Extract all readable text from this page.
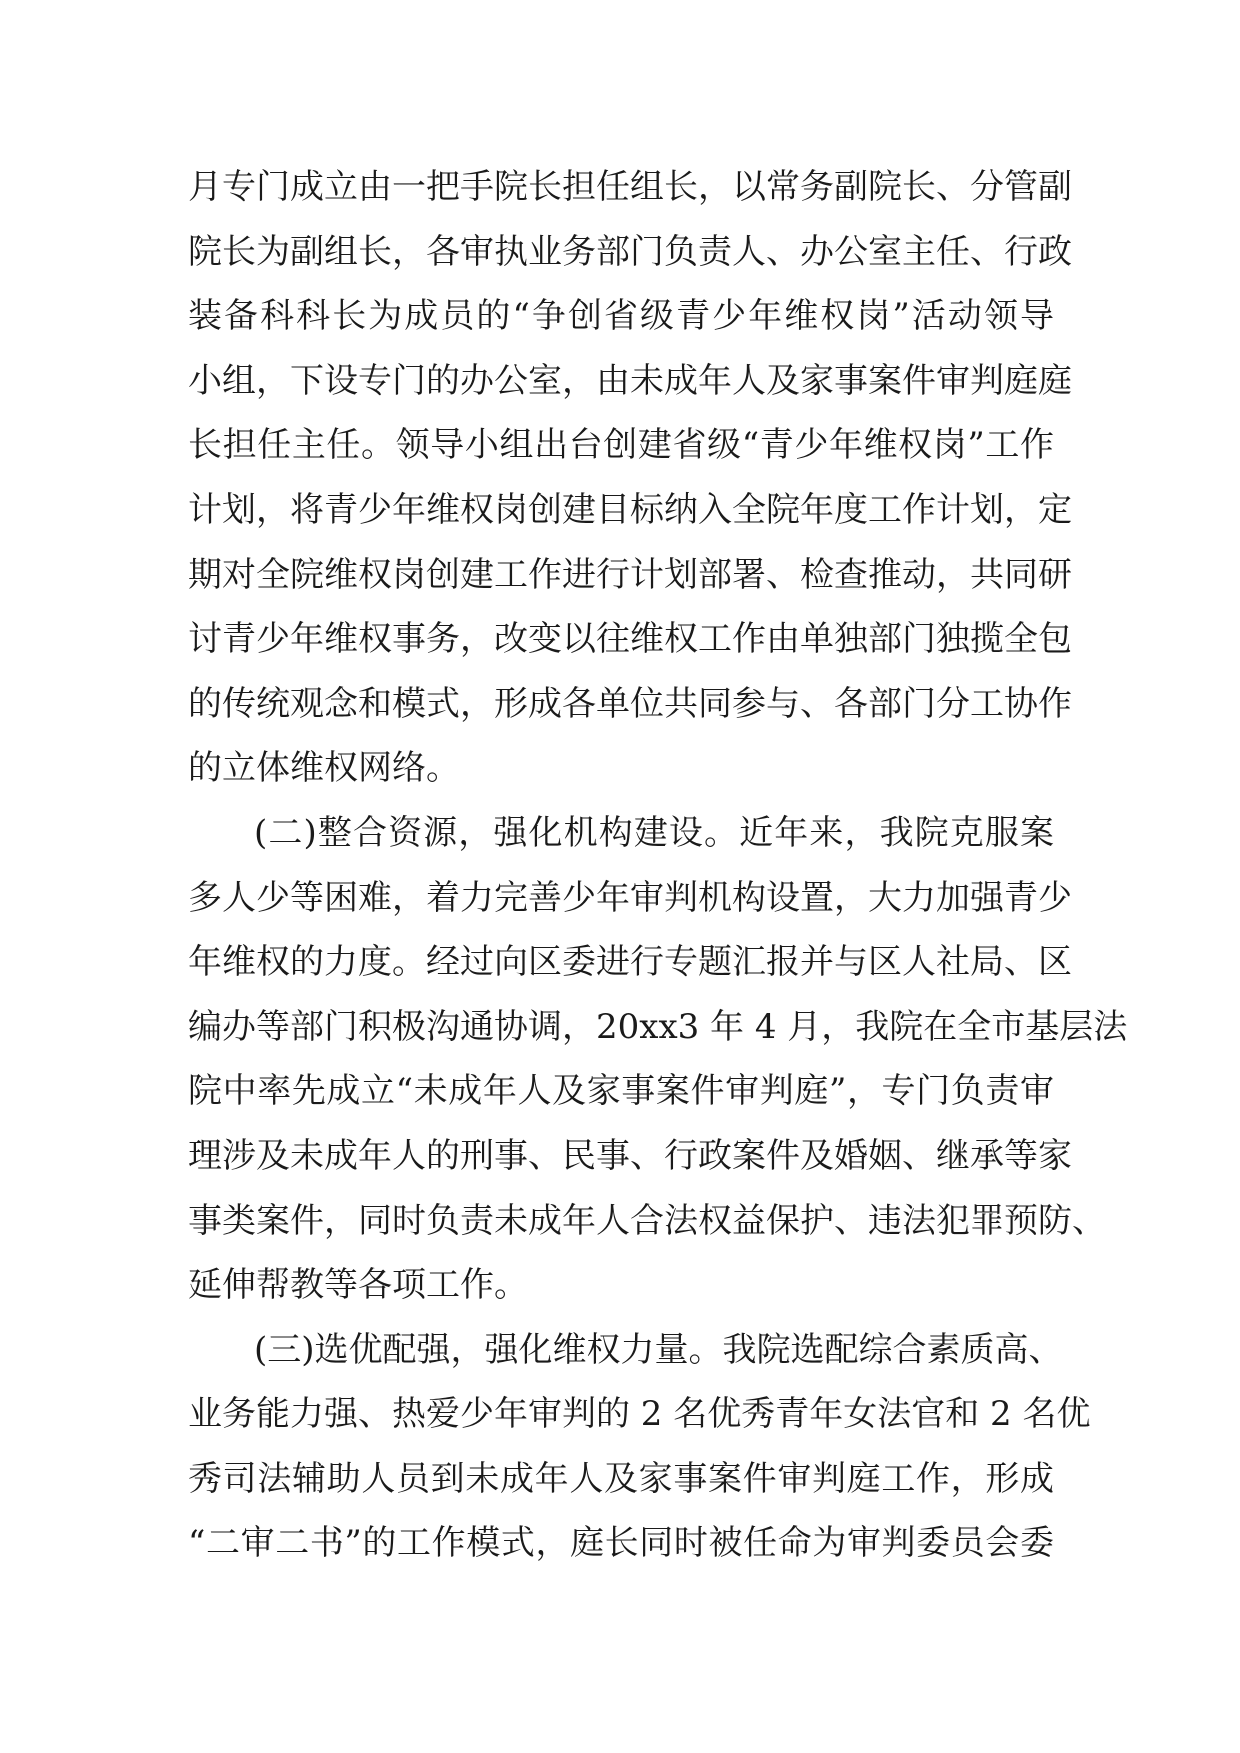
月专门成立由一把手院长担任组长，以常务副院长、分管副
院长为副组长，各审执业务部门负责人、办公室主任、行政
装备科科长为成员的“争创省级青少年维权岗”活动领导
小组，下设专门的办公室，由未成年人及家事案件审判庭庭
长担任主任。领导小组出台创建省级“青少年维权岗”工作
计划，将青少年维权岗创建目标纳入全院年度工作计划，定
期对全院维权岗创建工作进行计划部署、检查推动，共同研
讨青少年维权事务，改变以往维权工作由单独部门独揽全包
的传统观念和模式，形成各单位共同参与、各部门分工协作
的立体维权网络。
(二)整合资源，强化机构建设。近年来，我院克服案
多人少等困难，着力完善少年审判机构设置，大力加强青少
年维权的力度。经过向区委进行专题汇报并与区人社局、区
编办等部门积极沟通协调，20xx3 年 4 月，我院在全市基层法
院中率先成立“未成年人及家事案件审判庭”，专门负责审
理涉及未成年人的刑事、民事、行政案件及婚姻、继承等家
事类案件，同时负责未成年人合法权益保护、违法犯罪预防、
延伸帮教等各项工作。
(三)选优配强，强化维权力量。我院选配综合素质高、
业务能力强、热爱少年审判的 2 名优秀青年女法官和 2 名优
秀司法辅助人员到未成年人及家事案件审判庭工作，形成
“二审二书”的工作模式，庭长同时被任命为审判委员会委
